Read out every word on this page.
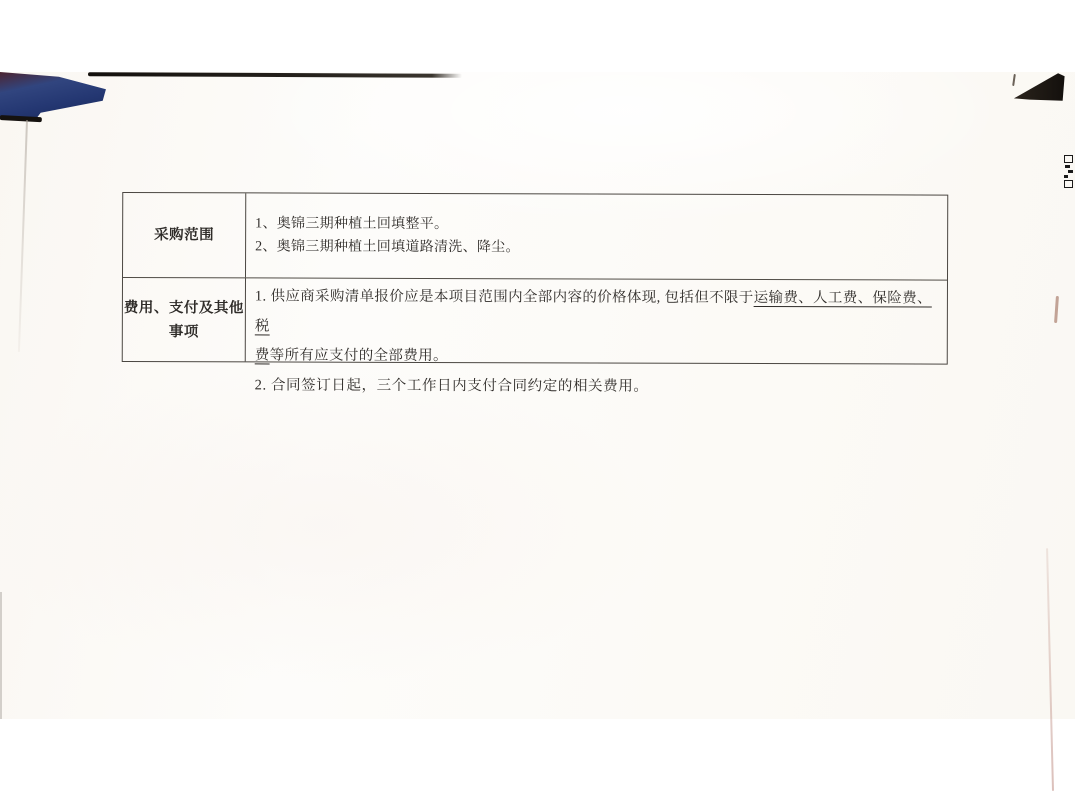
采购范围
1、奥锦三期种植土回填整平。
2、奥锦三期种植土回填道路清洗、降尘。
费用、支付及其他
事项
1. 供应商采购清单报价应是本项目范围内全部内容的价格体现, 包括但不限于运输费、人工费、保险费、税
费等所有应支付的全部费用。
2. 合同签订日起，三个工作日内支付合同约定的相关费用。
